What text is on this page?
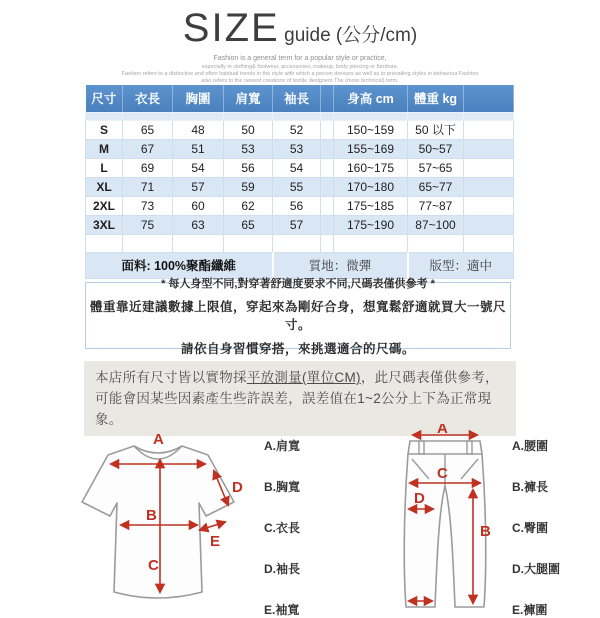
SIZE guide (公分/cm)
Fashion is a general term for a popular style or practice,
especially in clothing& footwear, accessories, makeup, body piercing or furniture.
Fashion refers to a distinctive and often habitual trends in the style with which a person dresses as well as to prevailing styles in behaviour.Fashion
also refers to the newest creations of textile designers.The (more technical) term.
尺寸	衣長	胸圍	肩寬	袖長		身高 cm	體重 kg	

S	65	48	50	52		150~159	50 以下	
M	67	51	53	53		155~169	50~57	
L	69	54	56	54		160~175	57~65	
XL	71	57	59	55		170~180	65~77	
2XL	73	60	62	56		175~185	77~87	
3XL	75	63	65	57		175~190	87~100	

面料: 100%聚酯纖維				質地：微彈			版型：適中	
* 每人身型不同,對穿著舒適度要求不同,尺碼表僅供參考 *
體重靠近建議數據上限值，穿起來為剛好合身，想寬鬆舒適就買大一號尺寸。
請依自身習慣穿搭，來挑選適合的尺碼。
本店所有尺寸皆以實物採平放測量(單位CM)，此尺碼表僅供參考，可能會因某些因素產生些許誤差，誤差值在1~2公分上下為正常現象。
A
B
C
D
E
A.肩寬
B.胸寬
C.衣長
D.袖長
E.袖寬
A
C
D
B
A.腰圍
B.褲長
C.臀圍
D.大腿圍
E.褲圍
